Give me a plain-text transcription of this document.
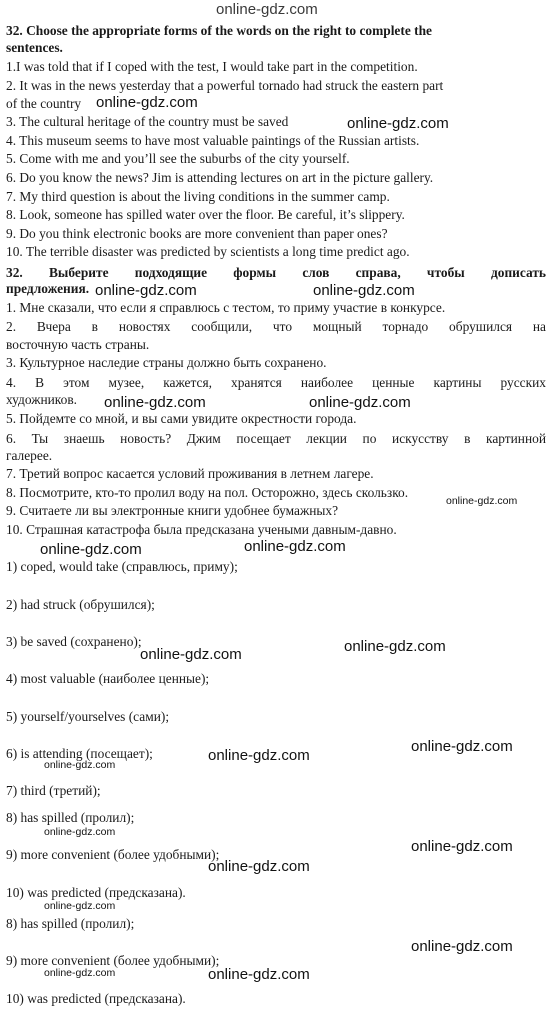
online-gdz.com
32. Choose the appropriate forms of the words on the right to complete the
sentences.
1.I was told that if I coped with the test, I would take part in the competition.
2. It was in the news yesterday that a powerful tornado had struck the eastern part
of the country
3. The cultural heritage of the country must be saved
4. This museum seems to have most valuable paintings of the Russian artists.
5. Come with me and you’ll see the suburbs of the city yourself.
6. Do you know the news? Jim is attending lectures on art in the picture gallery.
7. My third question is about the living conditions in the summer camp.
8. Look, someone has spilled water over the floor. Be careful, it’s slippery.
9. Do you think electronic books are more convenient than paper ones?
10. The terrible disaster was predicted by scientists a long time predict ago.
32. Выберите подходящие формы слов справа, чтобы дописать
предложения.
1. Мне сказали, что если я справлюсь с тестом, то приму участие в конкурсе.
2. Вчера в новостях сообщили, что мощный торнадо обрушился на
восточную часть страны.
3. Культурное наследие страны должно быть сохранено.
4. В этом музее, кажется, хранятся наиболее ценные картины русских
художников.
5. Пойдемте со мной, и вы сами увидите окрестности города.
6. Ты знаешь новость? Джим посещает лекции по искусству в картинной
галерее.
7. Третий вопрос касается условий проживания в летнем лагере.
8. Посмотрите, кто-то пролил воду на пол. Осторожно, здесь скользко.
9. Считаете ли вы электронные книги удобнее бумажных?
10. Страшная катастрофа была предсказана учеными давным-давно.
1) coped, would take (справлюсь, приму);
2) had struck (обрушился);
3) be saved (сохранено);
4) most valuable (наиболее ценные);
5) yourself/yourselves (сами);
6) is attending (посещает);
7) third (третий);
8) has spilled (пролил);
9) more convenient (более удобными);
10) was predicted (предсказана).
8) has spilled (пролил);
9) more convenient (более удобными);
10) was predicted (предсказана).
online-gdz.com
online-gdz.com
online-gdz.com	online-gdz.com
online-gdz.com	online-gdz.com
online-gdz.com
online-gdz.com	online-gdz.com
online-gdz.com	online-gdz.com
online-gdz.com
online-gdz.com
online-gdz.com
online-gdz.com
online-gdz.com
online-gdz.com
online-gdz.com
online-gdz.com
online-gdz.com	online-gdz.com
